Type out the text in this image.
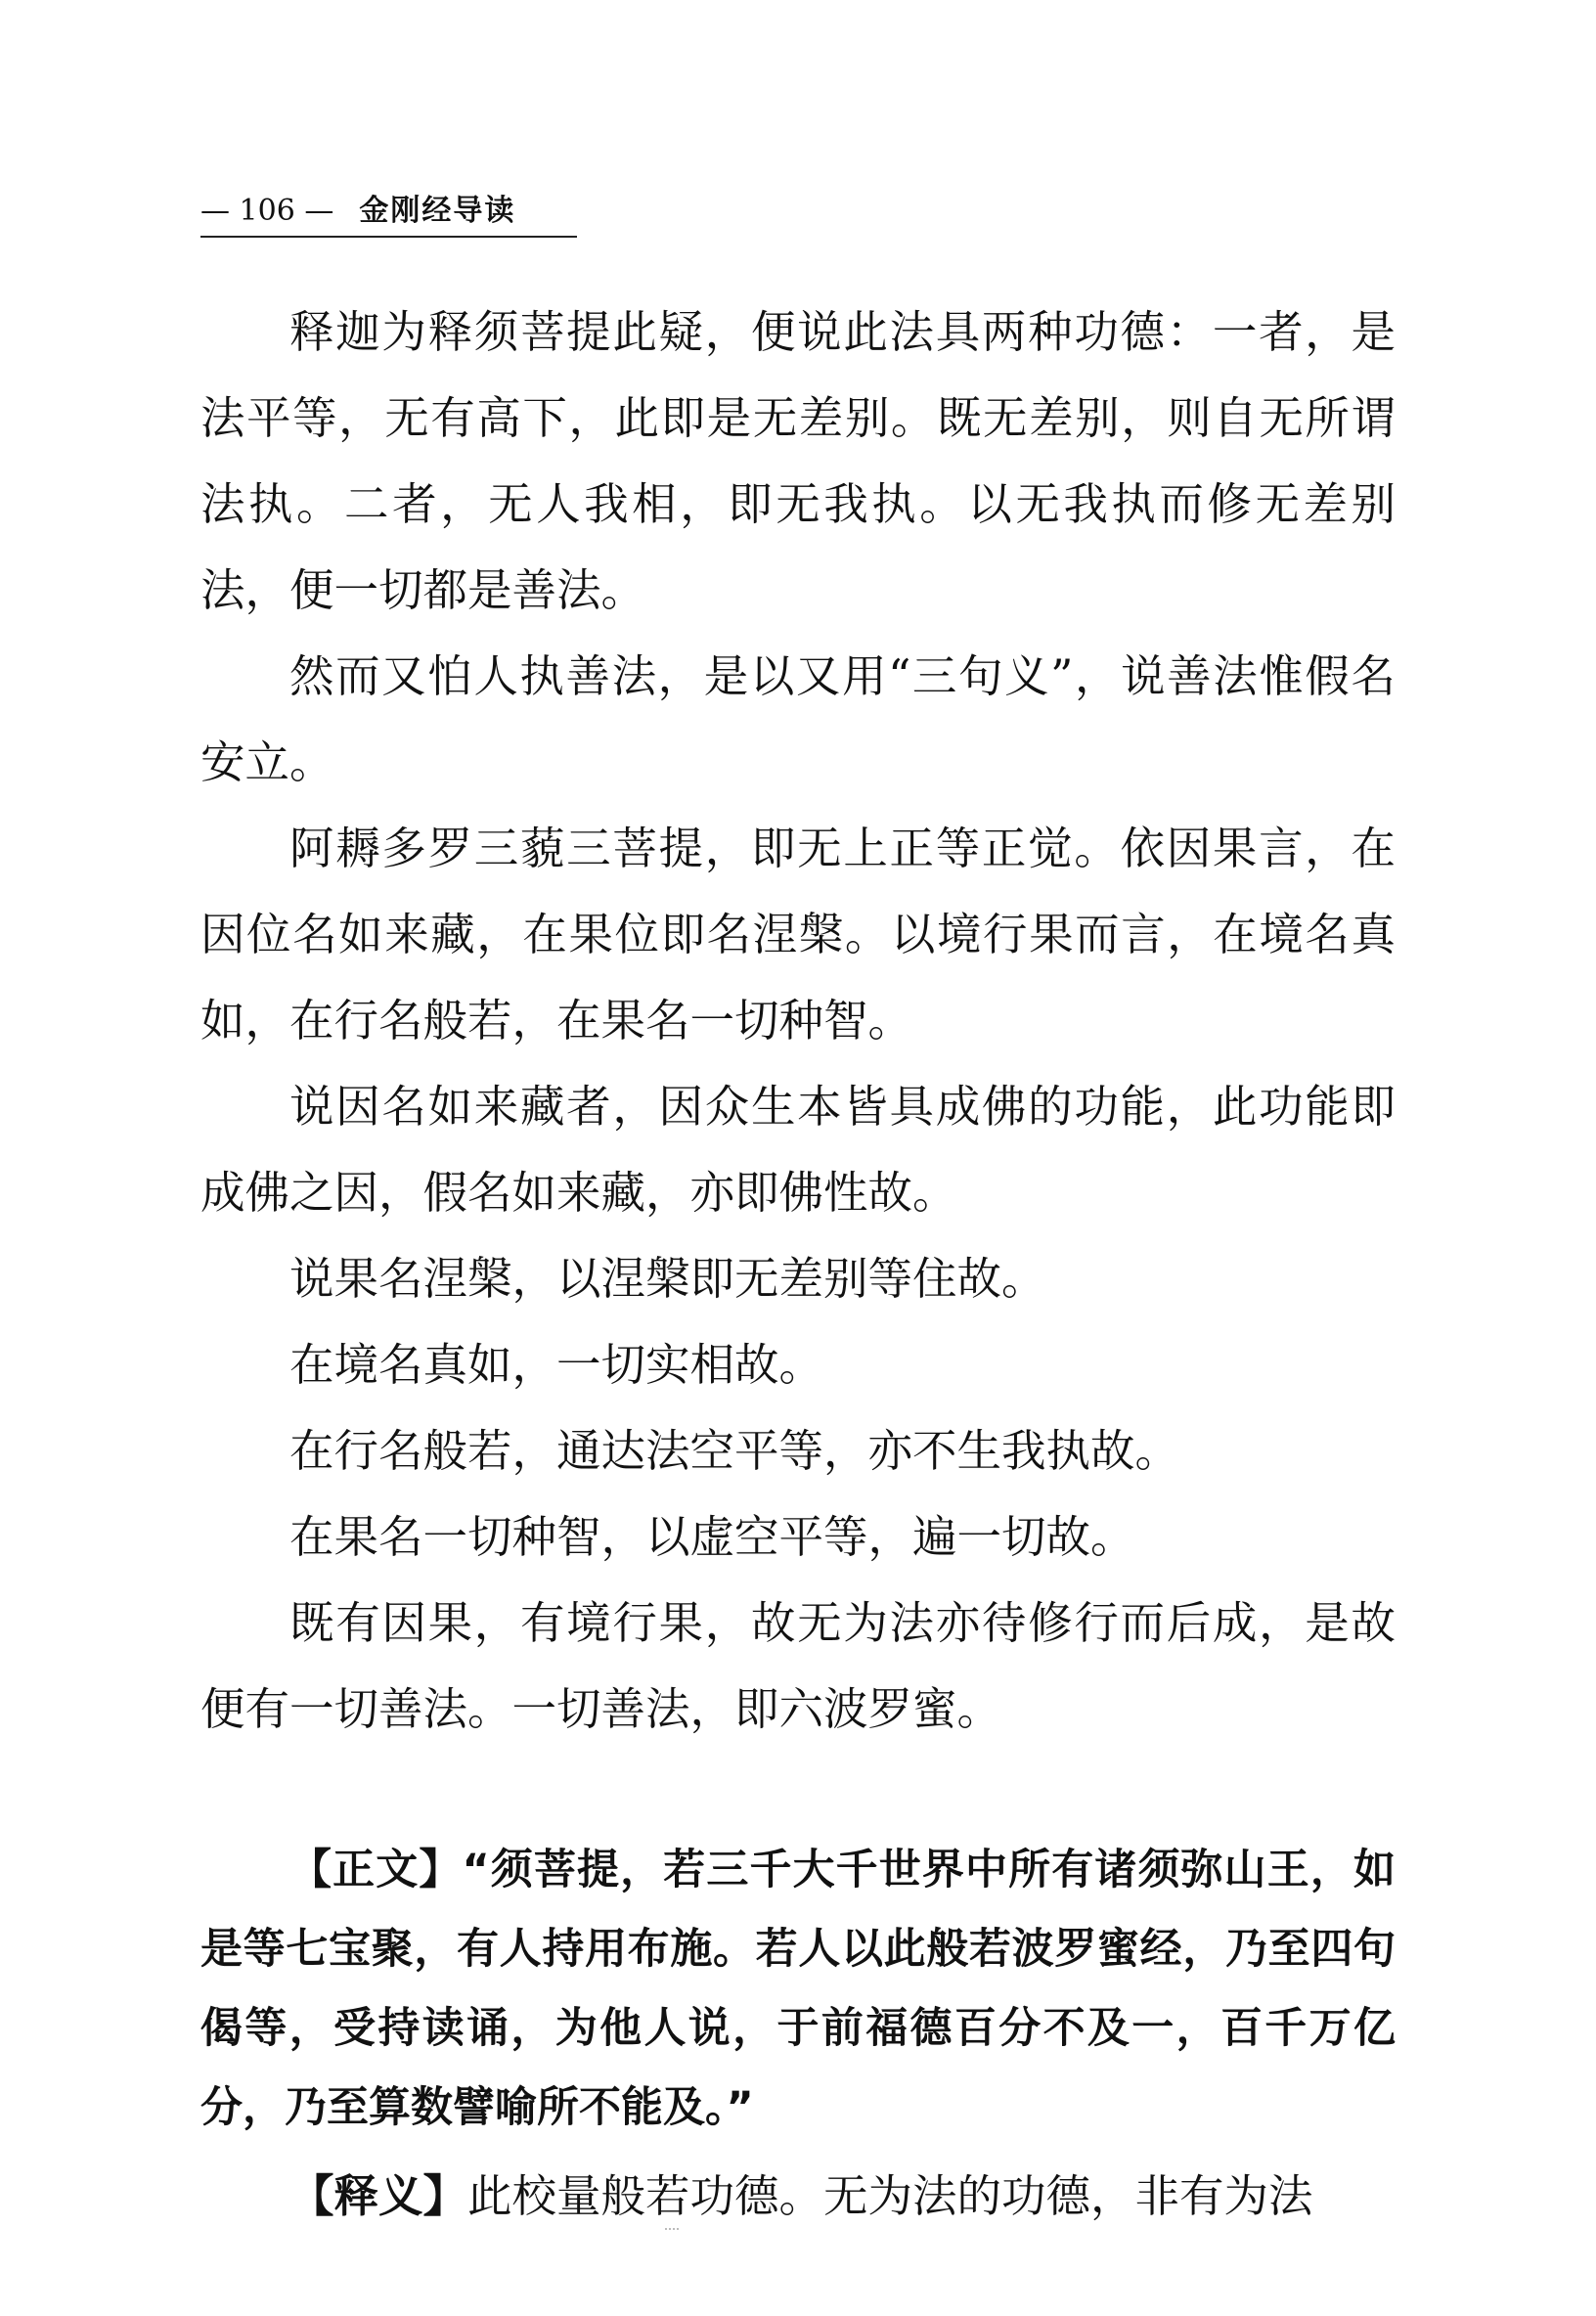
— 106 — 金刚经导读

释迦为释须菩提此疑，便说此法具两种功德：一者，是法平等，无有高下，此即是无差别。既无差别，则自无所谓法执。二者，无人我相，即无我执。以无我执而修无差别法，便一切都是善法。

然而又怕人执善法，是以又用“三句义”，说善法惟假名安立。

阿耨多罗三藐三菩提，即无上正等正觉。依因果言，在因位名如来藏，在果位即名涅槃。以境行果而言，在境名真如，在行名般若，在果名一切种智。

说因名如来藏者，因众生本皆具成佛的功能，此功能即成佛之因，假名如来藏，亦即佛性故。

说果名涅槃，以涅槃即无差别等住故。

在境名真如，一切实相故。

在行名般若，通达法空平等，亦不生我执故。

在果名一切种智，以虚空平等，遍一切故。

既有因果，有境行果，故无为法亦待修行而后成，是故便有一切善法。一切善法，即六波罗蜜。

【正文】“须菩提，若三千大千世界中所有诸须弥山王，如是等七宝聚，有人持用布施。若人以此般若波罗蜜经，乃至四句偈等，受持读诵，为他人说，于前福德百分不及一，百千万亿分，乃至算数譬喻所不能及。”

【释义】此校量般若功德。无为法的功德，非有为法
